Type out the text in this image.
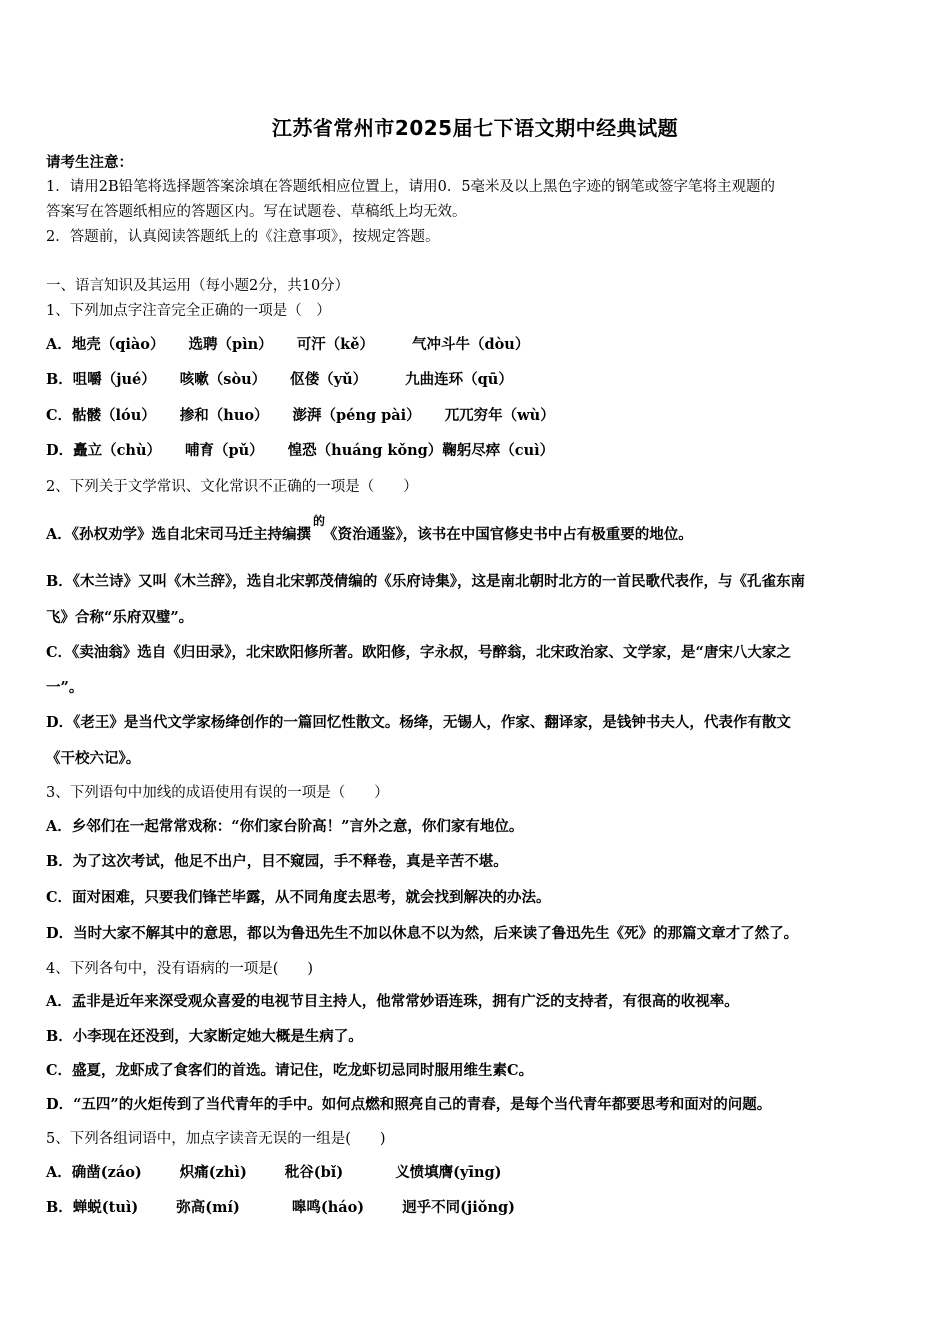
江苏省常州市2025届七下语文期中经典试题
请考生注意：
1．请用2B铅笔将选择题答案涂填在答题纸相应位置上，请用0．5毫米及以上黑色字迹的钢笔或签字笔将主观题的
答案写在答题纸相应的答题区内。写在试题卷、草稿纸上均无效。
2．答题前，认真阅读答题纸上的《注意事项》，按规定答题。
一、语言知识及其运用（每小题2分，共10分）
1、下列加点字注音完全正确的一项是（　）
A．地壳（qiào） 选聘（pìn） 可汗（kě）	气冲斗牛（dòu）
B．咀嚼（jué） 咳嗽（sòu） 伛偻（yǔ）	九曲连环（qū）
C．骷髅（lóu） 掺和（huo） 澎湃（péng pài） 兀兀穷年（wù）
D．矗立（chù） 哺育（pǔ） 惶恐（huáng kǒng）鞠躬尽瘁（cuì）
2、下列关于文学常识、文化常识不正确的一项是（　　）
A．《孙权劝学》选自北宋司马迁主持编撰$^的$《资治通鉴》，该书在中国官修史书中占有极重要的地位。
B．《木兰诗》又叫《木兰辞》，选自北宋郭茂倩编的《乐府诗集》，这是南北朝时北方的一首民歌代表作，与《孔雀东南
飞》合称“乐府双璧”。
C．《卖油翁》选自《归田录》，北宋欧阳修所著。欧阳修，字永叔，号醉翁，北宋政治家、文学家，是“唐宋八大家之
一”。
D．《老王》是当代文学家杨绛创作的一篇回忆性散文。杨绛，无锡人，作家、翻译家，是钱钟书夫人，代表作有散文
《干校六记》。
3、下列语句中加线的成语使用有误的一项是（　　）
A．乡邻们在一起常常戏称：“你们家台阶高！”言外之意，你们家有地位。
B．为了这次考试，他足不出户，目不窥园，手不释卷，真是辛苦不堪。
C．面对困难，只要我们锋芒毕露，从不同角度去思考，就会找到解决的办法。
D．当时大家不解其中的意思，都以为鲁迅先生不加以休息不以为然，后来读了鲁迅先生《死》的那篇文章才了然了。
4、下列各句中，没有语病的一项是(　　)
A．孟非是近年来深受观众喜爱的电视节目主持人，他常常妙语连珠，拥有广泛的支持者，有很高的收视率。
B．小李现在还没到，大家断定她大概是生病了。
C．盛夏，龙虾成了食客们的首选。请记住，吃龙虾切忌同时服用维生素C。
D．“五四”的火炬传到了当代青年的手中。如何点燃和照亮自己的青春，是每个当代青年都要思考和面对的问题。
5、下列各组词语中，加点字读音无误的一组是(　　)
A．确凿(záo)	炽痛(zhì)	秕谷(bǐ)	义愤填膺(yīng)
B．蝉蜕(tuì)	弥高(mí)	嗥鸣(háo)	迥乎不同(jiǒng)
